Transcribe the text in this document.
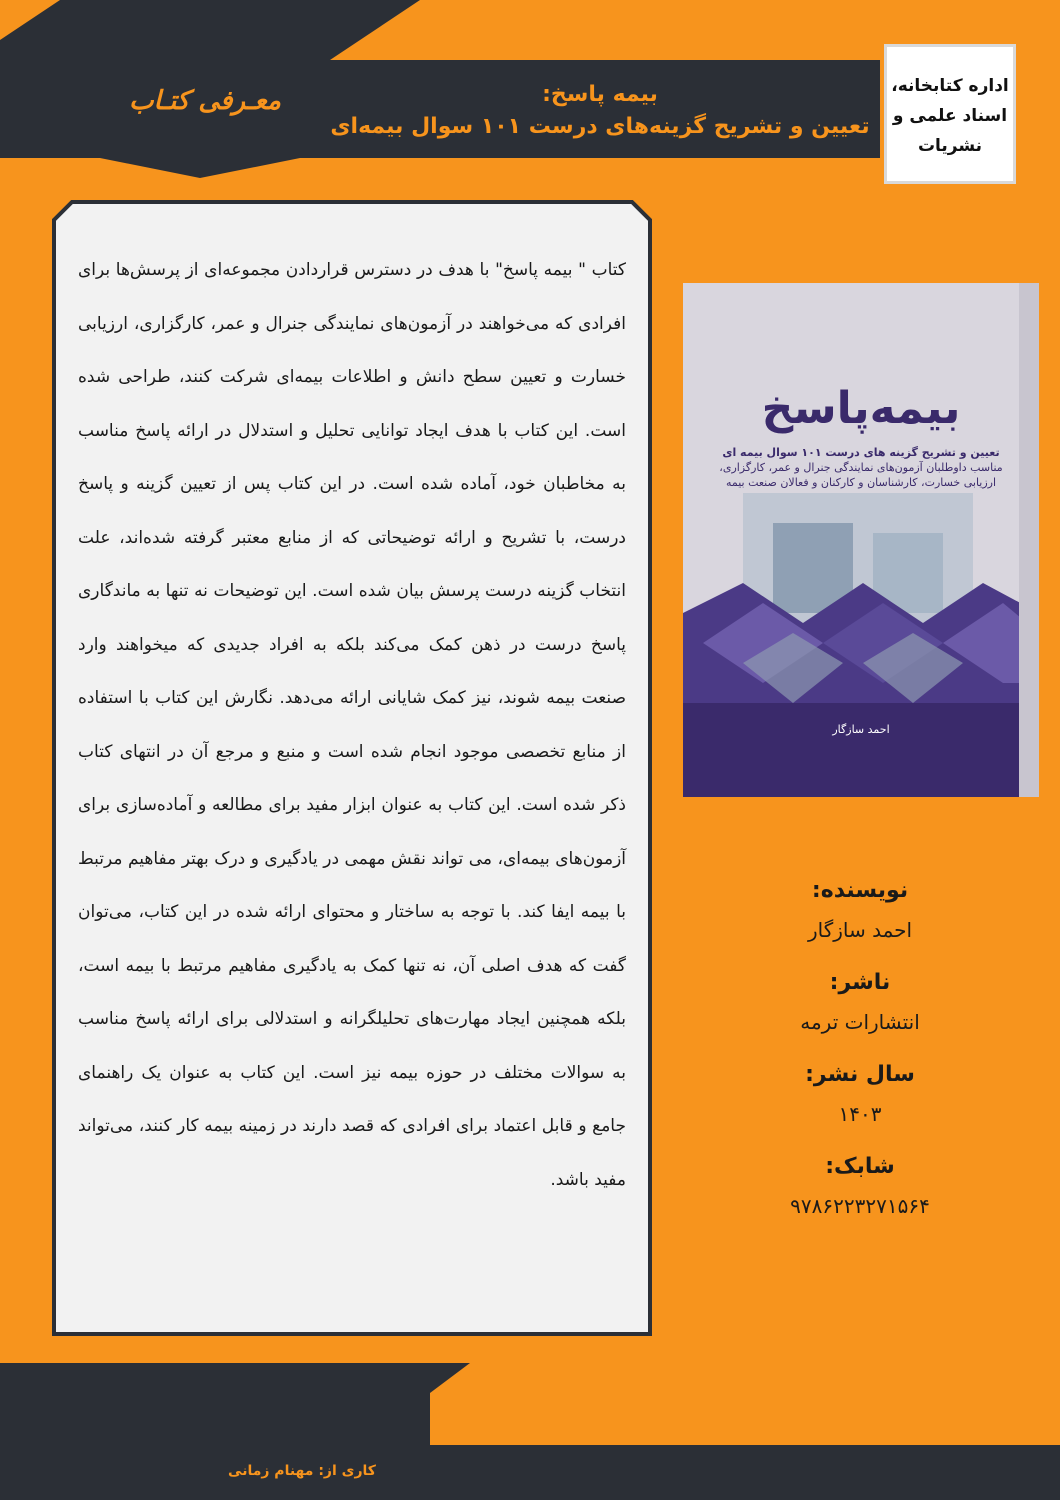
معـرفی کتـاب	بیمه پاسخ:
تعیین و تشریح گزینه‌های درست ۱۰۱ سوال بیمه‌ای
اداره کتابخانه، اسناد علمی و نشریات
کتاب " بیمه پاسخ" با هدف در دسترس قراردادن مجموعه‌ای از پرسش‌ها برای افرادی که می‌خواهند در آزمون‌های نمایندگی جنرال و عمر، کارگزاری، ارزیابی خسارت و تعیین سطح دانش و اطلاعات بیمه‌ای شرکت کنند، طراحی شده است. این کتاب با هدف ایجاد توانایی تحلیل و استدلال در ارائه پاسخ مناسب به مخاطبان خود، آماده شده است. در این کتاب پس از تعیین گزینه و پاسخ درست، با تشریح و ارائه توضیحاتی که از منابع معتبر گرفته شده‌اند، علت انتخاب گزینه درست پرسش بیان شده است. این توضیحات نه تنها به ماندگاری پاسخ درست در ذهن کمک می‌کند بلکه به افراد جدیدی که میخواهند وارد صنعت بیمه شوند، نیز کمک شایانی ارائه می‌دهد. نگارش این کتاب با استفاده از منابع تخصصی موجود انجام شده است و منبع و مرجع آن در انتهای کتاب ذکر شده است. این کتاب به عنوان ابزار مفید برای مطالعه و آماده‌سازی برای آزمون‌های بیمه‌ای، می تواند نقش مهمی در یادگیری و درک بهتر مفاهیم مرتبط با بیمه ایفا کند. با توجه به ساختار و محتوای ارائه شده در این کتاب، می‌توان گفت که هدف اصلی آن، نه تنها کمک به یادگیری مفاهیم مرتبط با بیمه است، بلکه همچنین ایجاد مهارت‌های تحلیلگرانه و استدلالی برای ارائه پاسخ مناسب به سوالات مختلف در حوزه بیمه نیز است. این کتاب به عنوان یک راهنمای جامع و قابل اعتماد برای افرادی که قصد دارند در زمینه بیمه کار کنند، می‌تواند مفید باشد.
بیمه‌پاسخ
تعیین و تشریح گزینه های درست ۱۰۱ سوال بیمه ای
مناسب داوطلبان آزمون‌های نمایندگی جنرال و عمر، کارگزاری،
ارزیابی خسارت، کارشناسان و کارکنان و فعالان صنعت بیمه
احمد سازگار
نویسنده:
احمد سازگار
ناشر:
انتشارات ترمه
سال نشر:
۱۴۰۳
شابک:
۹۷۸۶۲۲۳۲۷۱۵۶۴
کاری از: مهنام زمانی
